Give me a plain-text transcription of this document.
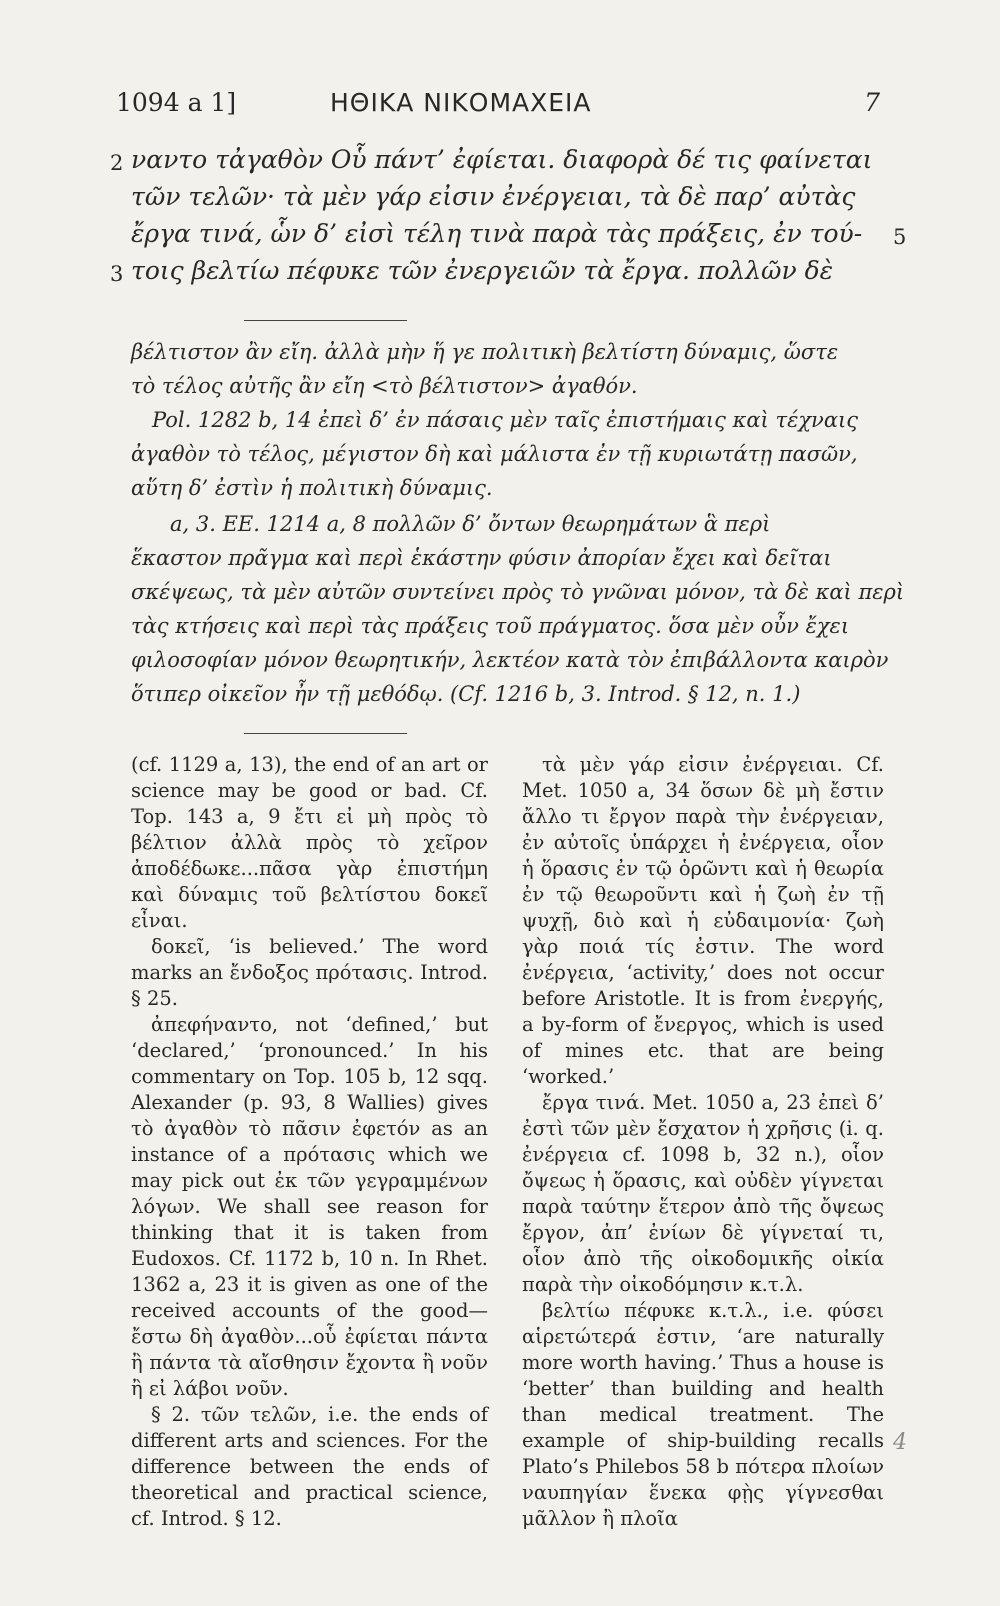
1094 a 1]	ΗΘΙΚΑ ΝΙΚΟΜΑΧΕΙΑ	7
2 ναντο τἀγαθὸν Οὗ πάντ’ ἐφίεται. διαφορὰ δέ τις φαίνεται
τῶν τελῶν· τὰ μὲν γάρ εἰσιν ἐνέργειαι, τὰ δὲ παρ’ αὐτὰς
ἔργα τινά, ὧν δ’ εἰσὶ τέλη τινὰ παρὰ τὰς πράξεις, ἐν τού- 5
3 τοις βελτίω πέφυκε τῶν ἐνεργειῶν τὰ ἔργα. πολλῶν δὲ
βέλτιστον ἂν εἴη. ἀλλὰ μὴν ἥ γε πολιτικὴ βελτίστη δύναμις, ὥστε
τὸ τέλος αὐτῆς ἂν εἴη <τὸ βέλτιστον> ἀγαθόν.
Pol. 1282 b, 14 ἐπεὶ δ’ ἐν πάσαις μὲν ταῖς ἐπιστήμαις καὶ τέχναις
ἀγαθὸν τὸ τέλος, μέγιστον δὴ καὶ μάλιστα ἐν τῇ κυριωτάτῃ πασῶν,
αὕτη δ’ ἐστὶν ἡ πολιτικὴ δύναμις.
a, 3. EE. 1214 a, 8 πολλῶν δ’ ὄντων θεωρημάτων ἃ περὶ
ἕκαστον πρᾶγμα καὶ περὶ ἑκάστην φύσιν ἀπορίαν ἔχει καὶ δεῖται
σκέψεως, τὰ μὲν αὐτῶν συντείνει πρὸς τὸ γνῶναι μόνον, τὰ δὲ καὶ περὶ
τὰς κτήσεις καὶ περὶ τὰς πράξεις τοῦ πράγματος. ὅσα μὲν οὖν ἔχει
φιλοσοφίαν μόνον θεωρητικήν, λεκτέον κατὰ τὸν ἐπιβάλλοντα καιρὸν
ὅτιπερ οἰκεῖον ἦν τῇ μεθόδῳ. (Cf. 1216 b, 3. Introd. § 12, n. 1.)

(cf. 1129 a, 13), the end of an art or science may be good or bad. Cf. Top. 143 a, 9 ἔτι εἰ μὴ πρὸς τὸ βέλτιον ἀλλὰ πρὸς τὸ χεῖρον ἀποδέδωκε...πᾶσα γὰρ ἐπιστήμη καὶ δύναμις τοῦ βελτίστου δοκεῖ εἶναι.

δοκεῖ, ‘is believed.’ The word marks an ἔνδοξος πρότασις. Introd. § 25.

ἀπεφήναντο, not ‘defined,’ but ‘declared,’ ‘pronounced.’ In his commentary on Top. 105 b, 12 sqq. Alexander (p. 93, 8 Wallies) gives τὸ ἀγαθὸν τὸ πᾶσιν ἐφετόν as an instance of a πρότασις which we may pick out ἐκ τῶν γεγραμμένων λόγων. We shall see reason for thinking that it is taken from Eudoxos. Cf. 1172 b, 10 n. In Rhet. 1362 a, 23 it is given as one of the received accounts of the good—ἔστω δὴ ἀγαθὸν...οὗ ἐφίεται πάντα ἢ πάντα τὰ αἴσθησιν ἔχοντα ἢ νοῦν ἢ εἰ λάβοι νοῦν.

§ 2. τῶν τελῶν, i.e. the ends of different arts and sciences. For the difference between the ends of theoretical and practical science, cf. Introd. § 12.

τὰ μὲν γάρ εἰσιν ἐνέργειαι. Cf. Met. 1050 a, 34 ὅσων δὲ μὴ ἔστιν ἄλλο τι ἔργον παρὰ τὴν ἐνέργειαν, ἐν αὐτοῖς ὑπάρχει ἡ ἐνέργεια, οἷον ἡ ὅρασις ἐν τῷ ὁρῶντι καὶ ἡ θεωρία ἐν τῷ θεωροῦντι καὶ ἡ ζωὴ ἐν τῇ ψυχῇ, διὸ καὶ ἡ εὐδαιμονία· ζωὴ γὰρ ποιά τίς ἐστιν. The word ἐνέργεια, ‘activity,’ does not occur before Aristotle. It is from ἐνεργής, a by-form of ἔνεργος, which is used of mines etc. that are being ‘worked.’

ἔργα τινά. Met. 1050 a, 23 ἐπεὶ δ’ ἐστὶ τῶν μὲν ἔσχατον ἡ χρῆσις (i. q. ἐνέργεια cf. 1098 b, 32 n.), οἷον ὄψεως ἡ ὅρασις, καὶ οὐδὲν γίγνεται παρὰ ταύτην ἕτερον ἀπὸ τῆς ὄψεως ἔργον, ἀπ’ ἐνίων δὲ γίγνεταί τι, οἷον ἀπὸ τῆς οἰκοδομικῆς οἰκία παρὰ τὴν οἰκοδόμησιν κ.τ.λ.

βελτίω πέφυκε κ.τ.λ., i.e. φύσει αἱρετώτερά ἐστιν, ‘are naturally more worth having.’ Thus a house is ‘better’ than building and health than medical treatment. The example of ship-building recalls Plato’s Philebos 58 b πότερα πλοίων ναυπηγίαν ἕνεκα φῂς γίγνεσθαι μᾶλλον ἢ πλοῖα

4
